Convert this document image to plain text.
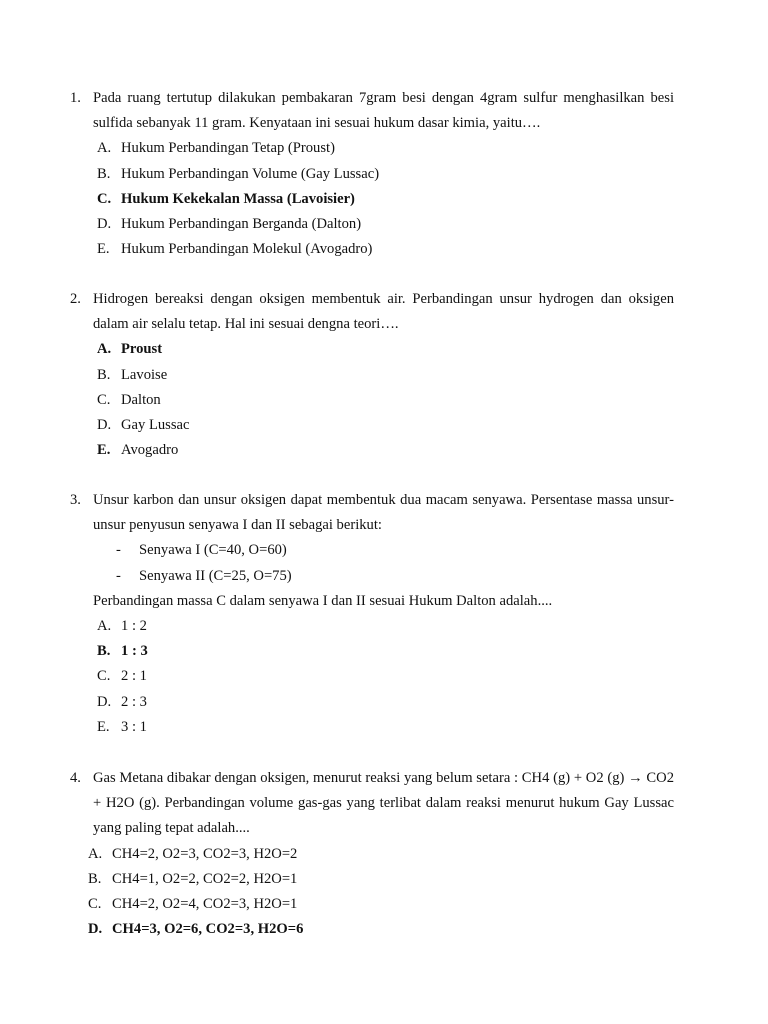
1. Pada ruang tertutup dilakukan pembakaran 7gram besi dengan 4gram sulfur menghasilkan besi sulfida sebanyak 11 gram. Kenyataan ini sesuai hukum dasar kimia, yaitu….
A. Hukum Perbandingan Tetap (Proust)
B. Hukum Perbandingan Volume (Gay Lussac)
C. Hukum Kekekalan Massa (Lavoisier)
D. Hukum Perbandingan Berganda (Dalton)
E. Hukum Perbandingan Molekul (Avogadro)
2. Hidrogen bereaksi dengan oksigen membentuk air. Perbandingan unsur hydrogen dan oksigen dalam air selalu tetap. Hal ini sesuai dengna teori….
A. Proust
B. Lavoise
C. Dalton
D. Gay Lussac
E. Avogadro
3. Unsur karbon dan unsur oksigen dapat membentuk dua macam senyawa. Persentase massa unsur-unsur penyusun senyawa I dan II sebagai berikut:
- Senyawa I (C=40, O=60)
- Senyawa II (C=25, O=75)
Perbandingan massa C dalam senyawa I dan II sesuai Hukum Dalton adalah....
A. 1 : 2
B. 1 : 3
C. 2 : 1
D. 2 : 3
E. 3 : 1
4. Gas Metana dibakar dengan oksigen, menurut reaksi yang belum setara : CH4 (g) + O2 (g) → CO2 + H2O (g). Perbandingan volume gas-gas yang terlibat dalam reaksi menurut hukum Gay Lussac yang paling tepat adalah....
A. CH4=2, O2=3, CO2=3, H2O=2
B. CH4=1, O2=2, CO2=2, H2O=1
C. CH4=2, O2=4, CO2=3, H2O=1
D. CH4=3, O2=6, CO2=3, H2O=6
